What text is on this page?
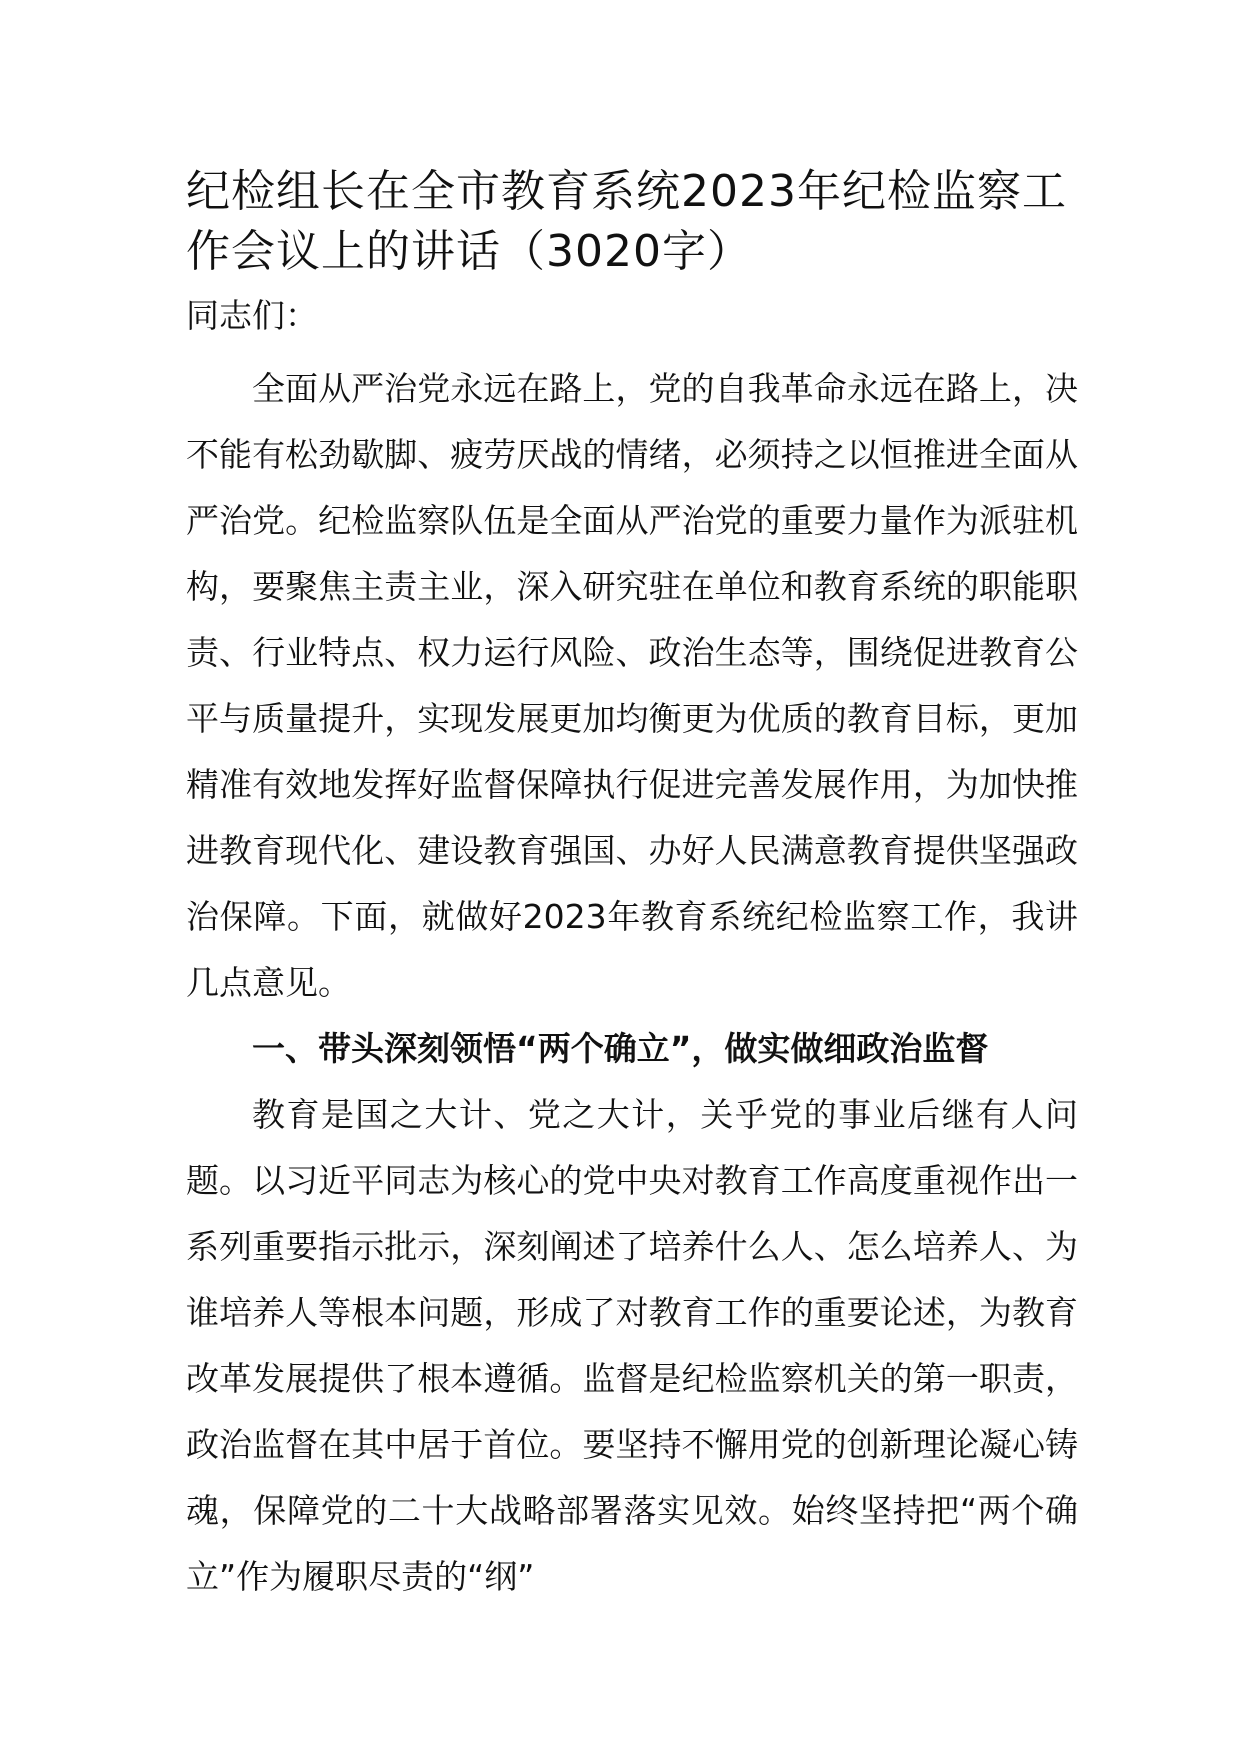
纪检组长在全市教育系统2023年纪检监察工作会议上的讲话（3020字）

同志们：

全面从严治党永远在路上，党的自我革命永远在路上，决不能有松劲歇脚、疲劳厌战的情绪，必须持之以恒推进全面从严治党。纪检监察队伍是全面从严治党的重要力量作为派驻机构，要聚焦主责主业，深入研究驻在单位和教育系统的职能职责、行业特点、权力运行风险、政治生态等，围绕促进教育公平与质量提升，实现发展更加均衡更为优质的教育目标，更加精准有效地发挥好监督保障执行促进完善发展作用，为加快推进教育现代化、建设教育强国、办好人民满意教育提供坚强政治保障。下面，就做好2023年教育系统纪检监察工作，我讲几点意见。

一、带头深刻领悟“两个确立”，做实做细政治监督

教育是国之大计、党之大计，关乎党的事业后继有人问题。以习近平同志为核心的党中央对教育工作高度重视作出一系列重要指示批示，深刻阐述了培养什么人、怎么培养人、为谁培养人等根本问题，形成了对教育工作的重要论述，为教育改革发展提供了根本遵循。监督是纪检监察机关的第一职责，政治监督在其中居于首位。要坚持不懈用党的创新理论凝心铸魂，保障党的二十大战略部署落实见效。始终坚持把“两个确立”作为履职尽责的“纲”
